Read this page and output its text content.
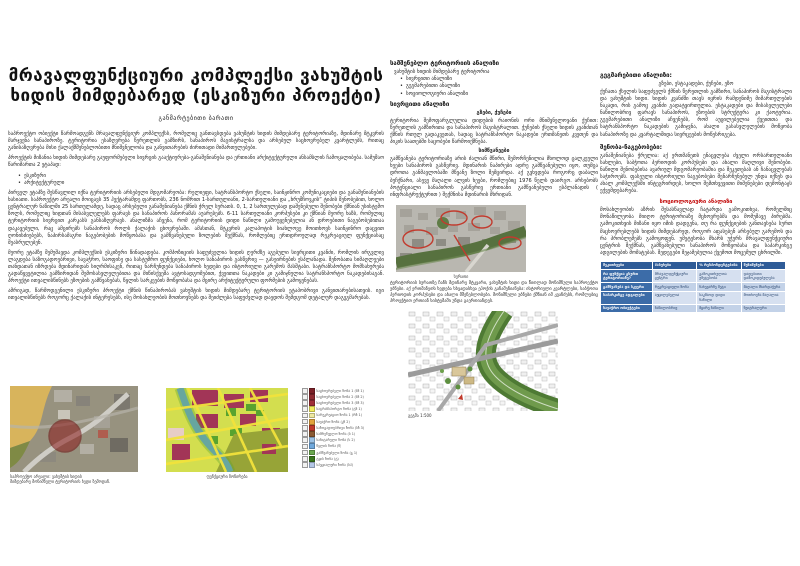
მრავალფუნქციური კომპლექსი ვახუშტის
ხიდის მიმდებარედ (ესკიზური პროექტი)
განმარტებითი ბარათი

საპროექტო ობიექტი წარმოადგენს მრავალფუნქციურ კომპლექსს, რომელიც განთავსდება ვახუშტის ხიდის მიმდებარე ტერიტორიაზე, მდინარე მტკვრის მარჯვენა სანაპიროზე. ტერიტორია ესაზღვრება წერეთლის გამზირს, სანაპიროს მაგისტრალსა და არსებულ საცხოვრებელ კვარტლებს, რითაც განისაზღვრება მისი ქალაქმშენებლობითი მნიშვნელობა და განვითარების ძირითადი მიმართულებები.

პროექტის მიზანია ხიდის მიმდებარე გაუფორმებელი სივრცის გააქტიურება-განაშენიანება და ერთიანი არქიტექტურული ანსამბლის ჩამოყალიბება. სამუშაო წარიმართა 2 ეტაპად:

• ესკიზური
• არქიტექტურული

პირველ ეტაპზე შესწავლილ იქნა ტერიტორიის არსებული მდგომარეობა: რელიეფი, სატრანსპორტო ქსელი, საინჟინრო კომუნიკაციები და განაშენიანების ხასიათი. საპროექტო არეალი მოიცავს 35 ჰექტარამდე ფართობს, 236 ნომრით 1-სართულიანი, 2-სართულიანი და „ხრუშჩოვკის“ ტიპის შენობებით, ხოლო ცენტრალურ ნაწილში 25 სართულამდე, სადაც არსებული განაშენიანება ქმნის ჭრელ სურათს. 0, 1, 2 სართულებად დაშენებული შენობები ქმნიან უსისტემო ზოლს, რომელიც ხიდთან მისასვლელებს ფარავს და სანაპიროს პანორამას აუარესებს. 6-11 სართულიანი კორპუსები კი ქმნიან მეორე ხაზს, რომელიც ტერიტორიის სივრცით კარკასს განსაზღვრავს. ანალიზმა აჩვენა, რომ ტერიტორიის დიდი ნაწილი გამოუყენებელია ან დროებითი ნაგებობებითაა დაკავებული, რაც ამცირებს სანაპიროს როლს ქალაქის ცხოვრებაში. ამასთან, მტკვრის კალაპოტის სიახლოვე მოითხოვს საინჟინრო დაცვით ღონისძიებებს, ნაპირსამაგრი ნაგებობების მოწყობასა და გამწვანებული ზოლების შექმნას, რომლებიც ერთდროულად რეკრეაციულ ფუნქციასაც შეასრულებენ.

მეორე ეტაპზე შემუშავდა კომპლექსის ესკიზური წინადადება. კომპოზიციის საფუძველია ხიდის ღერძზე აგებული სივრცითი კვანძი, რომლის ირგვლივ ლაგდება საზოგადოებრივი, სავაჭრო, საოფისე და სასტუმრო ფუნქციები, ხოლო სანაპიროს გასწვრივ — გასეირნების ესპლანადა. შენობათა სიმაღლეები თანდათან იზრდება მდინარიდან სიღრმისაკენ, რითაც ნარჩუნდება სანაპიროს ხედები და ისტორიული გარემოს მასშტაბი. სატრანსპორტო მომსახურება გადაწყვეტილია გამზირიდან შემოსასვლელებითა და მიწისქვეშა ავტოსადგომებით, ქვეითთა ნაკადები კი გამიჯნულია სატრანსპორტო ნაკადებისაგან. პროექტი ითვალისწინებს ეზოების გამწვანებას, წყლის სარკეების მოწყობასა და მცირე არქიტექტურული ფორმების გამოყენებას.

ამრიგად, წარმოდგენილი ესკიზური პროექტი ქმნის წინაპირობას ვახუშტის ხიდის მიმდებარე ტერიტორიის ეტაპობრივი განვითარებისათვის. იგი ითვალისწინებს როგორც ქალაქის ინტერესებს, ისე მოსახლეობის მოთხოვნებს და შეიძლება საფუძვლად დაედოს შემდგომ დეტალურ დაგეგმარებას.

საპროექტო არეალი: ვახუშტის ხიდის
მიმდებარე მონიშნული ტერიტორიის ხედი ზემოდან.
ფუნქციური ზონირება
საცხოვრებელი ზონა 1 (სზ 1)
საცხოვრებელი ზონა 2 (სზ 2)
საცხოვრებელი ზონა 3 (სზ 3)
სატრანსპორტო ზონა (ტზ 1)
სარეკრეაციო ზონა 1 (რზ 1)
სავაჭრო ზონა (კზ 2)
საზოგადოებრივი ზონა (სზ 3)
სამრეწველო ზონა (ს 1)
სანიტარული ზონა (ს 2)
წყლის ზონა (წ)
გამწვანებული ზონა (გ 1)
ტყის ზონა (ტ)
სპეციალური ზონა (სპ)
სამშენებლო ტერიტორიის ანალიზი
ვახუშტის ხიდის მიმდებარე ტერიტორია
• სივრცითი ანალიზი
• გეგმარებითი ანალიზი
• სოციოლოგიური ანალიზი
სივრცითი ანალიზი
გზები, ქუჩები
ტერიტორია შემოფარგლულია დიდუბის რაიონის ორი მნიშვნელოვანი ქუჩით: წერეთლის გამზირითა და სანაპიროს მაგისტრალით. ქუჩების ქსელი ხიდის კვანძთან ქმნის რთულ გადაკვეთას, სადაც სატრანსპორტო ნაკადები ერთმანეთს კვეთენ და პიკის საათებში საცობები წარმოიქმნება.
სიმწვანეები
გამწვანება ტერიტორიაზე არის ძალიან მწირი, შემორჩენილია მხოლოდ ცალკეული ხეები სანაპიროს გასწვრივ. მდინარის ნაპირები ადრე გამწვანებული იყო, თუმცა დროთა განმავლობაში მწვანე ზოლი შემცირდა. აქ გვხვდება როგორც დაბალი ბუჩქნარი, ასევე მაღალი ალვის ხეები, რომლებიც 1976 წელს დაირგო. არსებობს პოტენციალი სანაპიროს გასწვრივ ერთიანი გამწვანებული ესპლანადის ( ინფრასტრუქტურით ) შექმნისა მდინარის მხრიდან.
სურათი
ტერიტორიის სურათზე ჩანს მდინარე მტკვარი, ვახუშტის ხიდი და წითლად მონიშნული საპროექტო უბნები. აქ ერთმანეთს ხვდება სხვადასხვა ეპოქის განაშენიანება: ისტორიული კვარტლები, საბჭოთა პერიოდის კორპუსები და ახალი მშენებლობები. მონიშნული უბნები ქმნიან იმ კვანძებს, რომლებიც პროექტით ერთიან სისტემაში უნდა გაერთიანდეს.
გეგმა 1:500
გეგმარებითი ანალიზი:
გზები, ესტაკადები, ქუჩები, ეზო
ქუჩათა ქსელის საფუძველს ქმნის წერეთლის გამზირი, სანაპიროს მაგისტრალი და ვახუშტის ხიდი. ხიდის კვანძში თავს იყრის რამდენიმე მიმართულების ნაკადი, რის გამოც კვანძი გადატვირთულია. ესტაკადები და მისასვლელები ნაწილობრივ ფარავს სანაპიროს, ეზოების სტრუქტურა კი ქაოტურია. გეგმარებითი ანალიზი აჩვენებს, რომ აუცილებელია ქვეითთა და სატრანსპორტო ნაკადების გამიჯვნა, ახალი გასასვლელების მოწყობა სანაპიროზე და კვარტალშიდა სივრცეების მოწესრიგება.
შენობა-ნაგებობები:
განაშენიანება ჭრელია: აქ ერთმანეთს ენაცვლება ძველი ორსართულიანი სახლები, საბჭოთა პერიოდის კორპუსები და ახალი მაღლივი შენობები. ნაწილი შენობებისა ავარიულ მდგომარეობაშია და შეკეთებას ან ჩანაცვლებას საჭიროებს. ფასეული ისტორიული ნაგებობები შენარჩუნებულ უნდა იქნეს და ახალ კომპლექსში ინტეგრირდეს, ხოლო შემთხვევითი მიშენებები დემონტაჟს ექვემდებარება.
სოციოლოგიური ანალიზი
მოსახლეობის აზრის შესასწავლად ჩატარდა გამოკითხვა, რომელშიც მონაწილეობა მიიღო ტერიტორიაზე მცხოვრებმა და მომუშავე პირებმა. გამოკითხვის მიზანი იყო იმის დადგენა, თუ რა ფუნქციების განთავსება სურთ მაცხოვრებლებს ხიდის მიმდებარედ, როგორ აფასებენ არსებულ გარემოს და რა პრობლემებს გამოყოფენ. უმეტესობა მხარს უჭერს მრავალფუნქციური ცენტრის შექმნას, გამწვანებული სანაპიროს მოწყობასა და საპარკინგე ადგილების მომატებას. შედეგები შეჯამებულია ქვემოთ მოცემულ ცხრილში.
შეკითხვები	პასუხები	% რესპონდენტებისა	შენიშვნები
რა ფუნქცია გსურთ ტერიტორიაზე?	მრავალფუნქციური ცენტრი	გამოკითხულთა უმეტესობა	დადებითი დამოკიდებულება
გამწვანება და სკვერი	რეკრეაციული ზონა	ნახევარზე მეტი	მაღალი მხარდაჭერა
საპარკინგე ადგილები	აუცილებელია	საკმაოდ დიდი ნაწილი	მოთხოვნა მაღალია
სავაჭრო ობიექტები	ნაწილობრივ	მცირე ნაწილი	ნეიტრალური
